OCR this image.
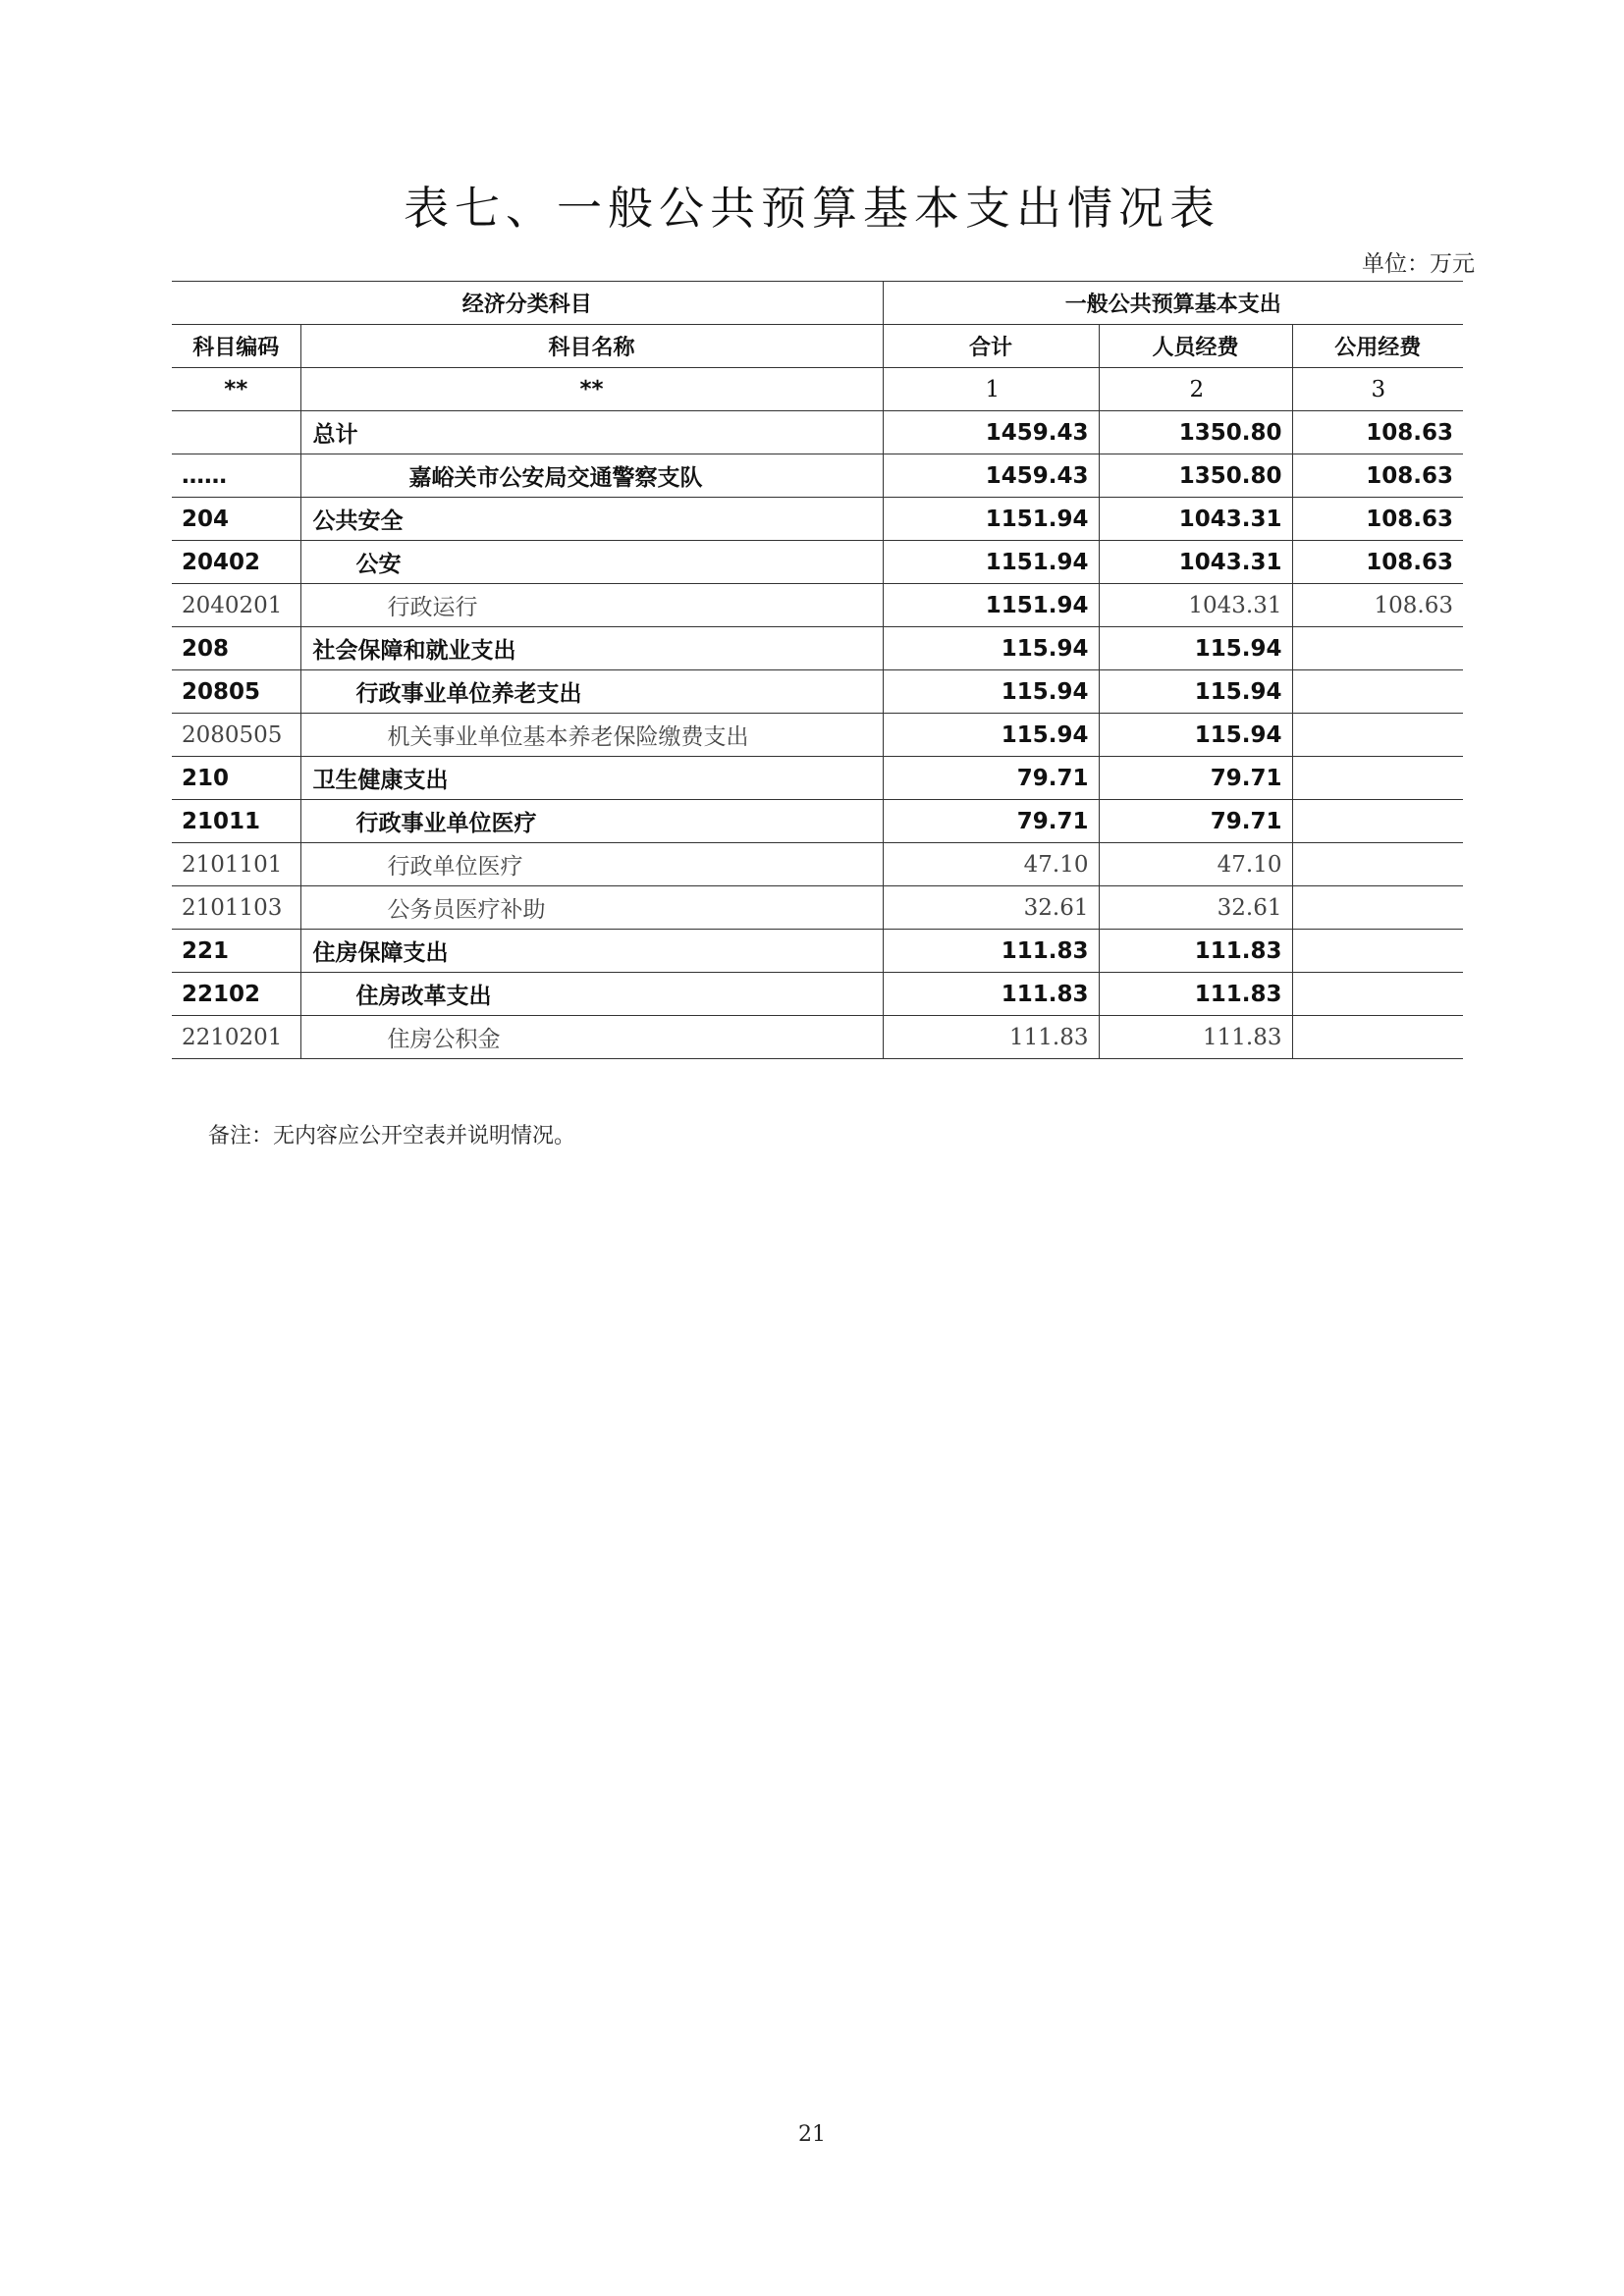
表七、一般公共预算基本支出情况表
单位：万元
经济分类科目		一般公共预算基本支出		
科目编码	科目名称	合计	人员经费	公用经费
**	**	1	2	3
	总计	1459.43	1350.80	108.63
……	嘉峪关市公安局交通警察支队	1459.43	1350.80	108.63
204	公共安全	1151.94	1043.31	108.63
20402	公安	1151.94	1043.31	108.63
2040201	行政运行	1151.94	1043.31	108.63
208	社会保障和就业支出	115.94	115.94	
20805	行政事业单位养老支出	115.94	115.94	
2080505	机关事业单位基本养老保险缴费支出	115.94	115.94	
210	卫生健康支出	79.71	79.71	
21011	行政事业单位医疗	79.71	79.71	
2101101	行政单位医疗	47.10	47.10	
2101103	公务员医疗补助	32.61	32.61	
221	住房保障支出	111.83	111.83	
22102	住房改革支出	111.83	111.83	
2210201	住房公积金	111.83	111.83	
备注：无内容应公开空表并说明情况。
21
